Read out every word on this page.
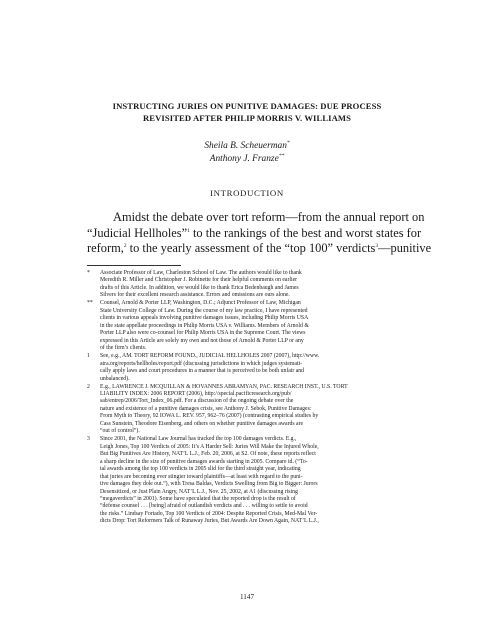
INSTRUCTING JURIES ON PUNITIVE DAMAGES: DUE PROCESS
REVISITED AFTER PHILIP MORRIS V. WILLIAMS
Sheila B. Scheuerman*
Anthony J. Franze**
INTRODUCTION
Amidst the debate over tort reform—from the annual report on
“Judicial Hellholes”$^1$ to the rankings of the best and worst states for
reform,$^2$ to the yearly assessment of the “top 100” verdicts$^3$—punitive
*	Associate Professor of Law, Charleston School of Law. The authors would like to thank
Meredith R. Miller and Christopher J. Robinette for their helpful comments on earlier
drafts of this Article. In addition, we would like to thank Erica Bedenbaugh and James
Silvers for their excellent research assistance. Errors and omissions are ours alone.
**	Counsel, Arnold & Porter LLP, Washington, D.C.; Adjunct Professor of Law, Michigan
State University College of Law. During the course of my law practice, I have represented
clients in various appeals involving punitive damages issues, including Philip Morris USA
in the state appellate proceedings in Philip Morris USA v. Williams. Members of Arnold &
Porter LLP also were co-counsel for Philip Morris USA in the Supreme Court. The views
expressed in this Article are solely my own and not those of Arnold & Porter LLP or any
of the firm’s clients.
1	See, e.g., AM. TORT REFORM FOUND., JUDICIAL HELLHOLES 2007 (2007), http://www.
atra.org/reports/hellholes/report.pdf (discussing jurisdictions in which judges systemati-
cally apply laws and court procedures in a manner that is perceived to be both unfair and
unbalanced).
2	E.g., LAWRENCE J. MCQUILLAN & HOVANNES ABRAMYAN, PAC. RESEARCH INST., U.S. TORT
LIABILITY INDEX: 2006 REPORT (2006), http://special.pacificresearch.org/pub/
sab/entrep/2006/Tort_Index_06.pdf. For a discussion of the ongoing debate over the
nature and existence of a punitive damages crisis, see Anthony J. Sebok, Punitive Damages:
From Myth to Theory, 92 IOWA L. REV. 957, 962–76 (2007) (contrasting empirical studies by
Cass Sunstein, Theodore Eisenberg, and others on whether punitive damages awards are
“out of control”).
3	Since 2001, the National Law Journal has tracked the top 100 damages verdicts. E.g.,
Leigh Jones, Top 100 Verdicts of 2005: It’s A Harder Sell: Juries Will Make the Injured Whole,
But Big Punitives Are History, NAT’L L.J., Feb. 20, 2006, at S2. Of note, these reports reflect
a sharp decline in the size of punitive damages awards starting in 2005. Compare id. (“To-
tal awards among the top 100 verdicts in 2005 slid for the third straight year, indicating
that juries are becoming ever stingier toward plaintiffs—at least with regard to the puni-
tive damages they dole out.”), with Tresa Baldas, Verdicts Swelling from Big to Bigger: Jurors
Desensitized, or Just Plain Angry, NAT’L L.J., Nov. 25, 2002, at A1 (discussing rising
“megaverdicts” in 2001). Some have speculated that the reported drop is the result of
“defense counsel . . . [being] afraid of outlandish verdicts and . . . willing to settle to avoid
the risks.” Lindsay Fortado, Top 100 Verdicts of 2004: Despite Reported Crisis, Med-Mal Ver-
dicts Drop: Tort Reformers Talk of Runaway Juries, But Awards Are Down Again, NAT’L L.J.,
1147
